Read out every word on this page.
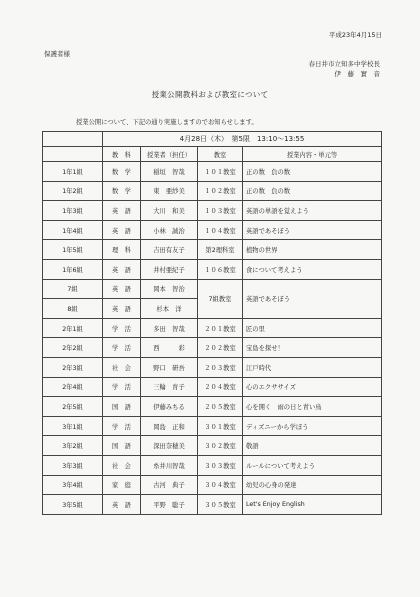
平成23年4月15日
保護者様
春日井市立知多中学校長
伊　藤　實　音
授業公開教科および教室について
授業公開について、下記の通り実施しますのでお知らせします。
	4月28日（木）　第5限　13:10〜13:55			
	教　科	授業者（担任）	教室	授業内容・単元等
1年1組	数　学	稲垣　智哉	１０１教室	正の数　負の数
1年2組	数　学	東　亜紗美	１０２教室	正の数　負の数
1年3組	英　語	大川　和美	１０３教室	英語の単語を覚えよう
1年4組	英　語	小林　誠治	１０４教室	英語であそぼう
1年5組	理　科	吉田有友子	第2理科室	植物の世界
1年6組	英　語	井村亜紀子	１０６教室	食について考えよう
7組	英　語	岡本　智治	7組教室	英語であそぼう
8組	英　語	杉本　洋		
2年1組	学　活	多田　智哉	２０１教室	匠の里
2年2組	学　活	西　　　彩	２０２教室	宝島を探せ！
2年3組	社　会	野口　研吾	２０３教室	江戸時代
2年4組	学　活	三輪　育子	２０４教室	心のエクササイズ
2年5組	国　語	伊藤みちる	２０５教室	心を開く　雨の日と青い鳥
3年1組	学　活	岡島　正和	３０１教室	ディズニーから学ぼう
3年2組	国　語	深田奈穂美	３０２教室	敬語
3年3組	社　会	糸井川智哉	３０３教室	ルールについて考えよう
3年4組	家　庭	古河　典子	３０４教室	幼児の心身の発達
3年5組	英　語	平野　聡子	３０５教室	Let's Enjoy English
